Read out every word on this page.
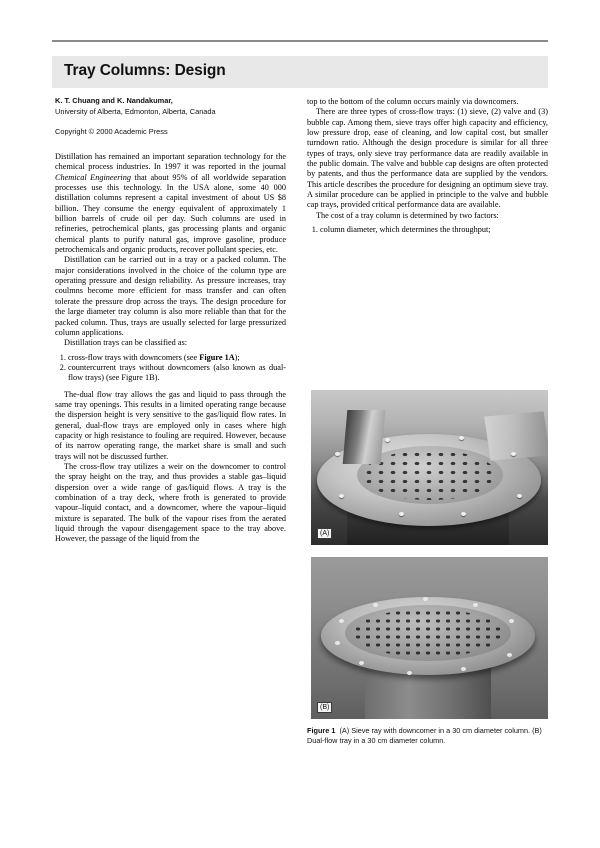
Tray Columns: Design
K. T. Chuang and K. Nandakumar,
University of Alberta, Edmonton, Alberta, Canada
Copyright © 2000 Academic Press

Distillation has remained an important separation technology for the chemical process industries. In 1997 it was reported in the journal Chemical Engineering that about 95% of all worldwide separation processes use this technology. In the USA alone, some 40 000 distillation columns represent a capital investment of about US $8 billion. They consume the energy equivalent of approximately 1 billion barrels of crude oil per day. Such columns are used in refineries, petrochemical plants, gas processing plants and organic chemical plants to purify natural gas, improve gasoline, produce petrochemicals and organic products, recover pollulant species, etc.

Distillation can be carried out in a tray or a packed column. The major considerations involved in the choice of the column type are operating pressure and design reliability. As pressure increases, tray coulmns become more efficient for mass transfer and can often tolerate the pressure drop across the trays. The design procedure for the large diameter tray column is also more reliable than that for the packed column. Thus, trays are usually selected for large pressurized column applications.

Distillation trays can be classified as:

1. cross-flow trays with downcomers (see Figure 1A);
2. countercurrent trays without downcomers (also known as dual-flow trays) (see Figure 1B).

The-dual flow tray allows the gas and liquid to pass through the same tray openings. This results in a limited operating range because the dispersion height is very sensitive to the gas/liquid flow rates. In general, dual-flow trays are employed only in cases where high capacity or high resistance to fouling are required. However, because of its narrow operating range, the market share is small and such trays will not be discussed further.

The cross-flow tray utilizes a weir on the downcomer to control the spray height on the tray, and thus provides a stable gas–liquid dispersion over a wide range of gas/liquid flows. A tray is the combination of a tray deck, where froth is generated to provide vapour–liquid contact, and a downcomer, where the vapour–liquid mixture is separated. The bulk of the vapour rises from the aerated liquid through the vapour disengagement space to the tray above. However, the passage of the liquid from the

top to the bottom of the column occurs mainly via downcomers.

There are three types of cross-flow trays: (1) sieve, (2) valve and (3) bubble cap. Among them, sieve trays offer high capacity and efficiency, low pressure drop, ease of cleaning, and low capital cost, but smaller turndown ratio. Although the design procedure is similar for all three types of trays, only sieve tray performance data are readily available in the public domain. The valve and bubble cap designs are often protected by patents, and thus the performance data are supplied by the vendors. This article describes the procedure for designing an optimum sieve tray. A similar procedure can be applied in principle to the valve and bubble cap trays, provided critical performance data are available.

The cost of a tray column is determined by two factors:

1. column diameter, which determines the throughput;
(A)
(B)
Figure 1 (A) Sieve ray with downcomer in a 30 cm diameter column. (B) Dual-flow tray in a 30 cm diameter column.
